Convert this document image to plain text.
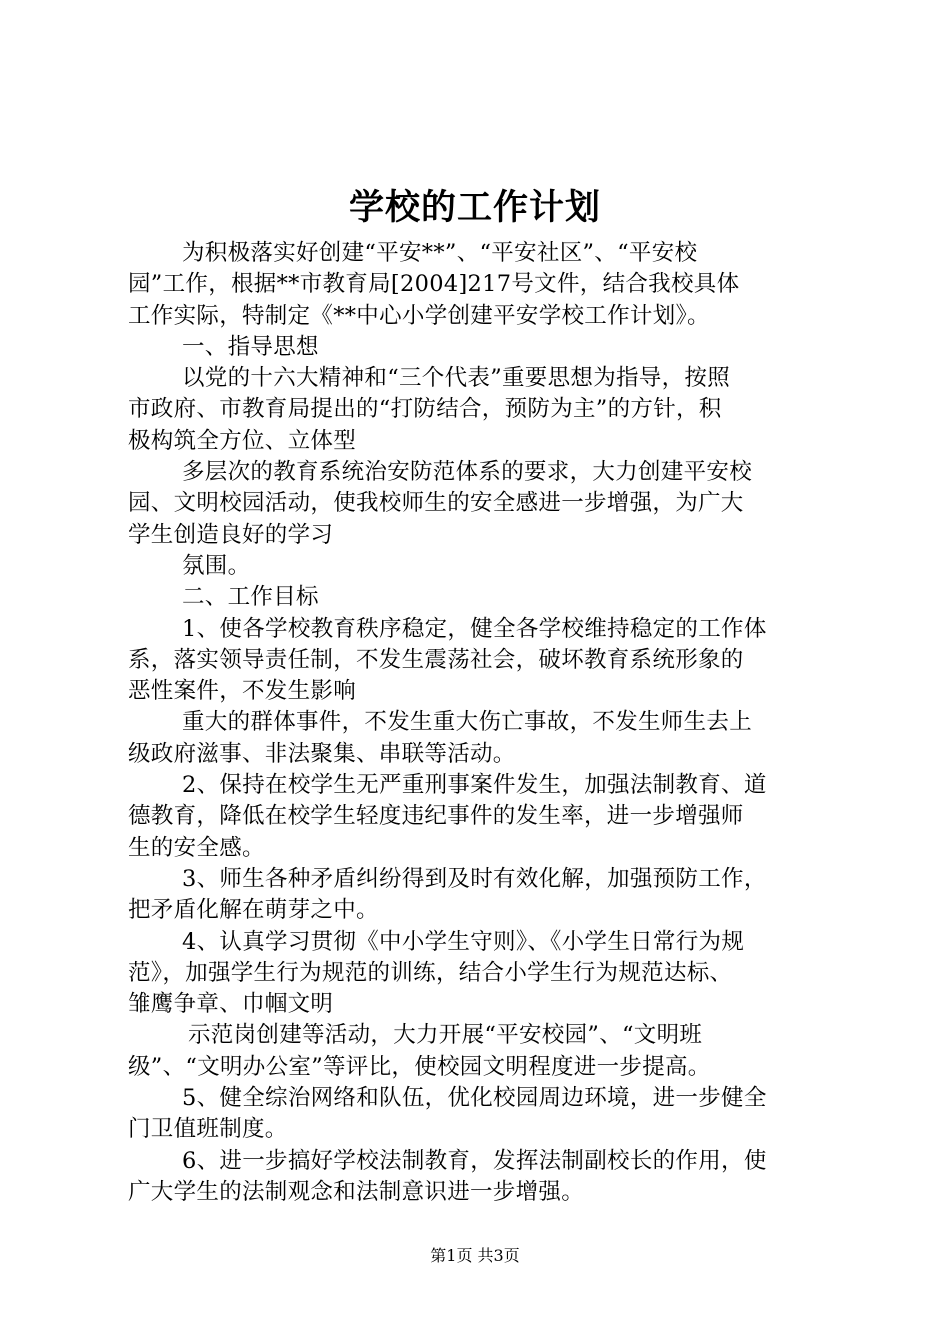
学校的工作计划
为积极落实好创建“平安**”、“平安社区”、“平安校
园”工作，根据**市教育局[2004]217号文件，结合我校具体
工作实际，特制定《**中心小学创建平安学校工作计划》。
一、指导思想
以党的十六大精神和“三个代表”重要思想为指导，按照
市政府、市教育局提出的“打防结合，预防为主”的方针，积
极构筑全方位、立体型
多层次的教育系统治安防范体系的要求，大力创建平安校
园、文明校园活动，使我校师生的安全感进一步增强，为广大
学生创造良好的学习
氛围。
二、工作目标
1、使各学校教育秩序稳定，健全各学校维持稳定的工作体
系，落实领导责任制，不发生震荡社会，破坏教育系统形象的
恶性案件，不发生影响
重大的群体事件，不发生重大伤亡事故，不发生师生去上
级政府滋事、非法聚集、串联等活动。
2、保持在校学生无严重刑事案件发生，加强法制教育、道
德教育，降低在校学生轻度违纪事件的发生率，进一步增强师
生的安全感。
3、师生各种矛盾纠纷得到及时有效化解，加强预防工作，
把矛盾化解在萌芽之中。
4、认真学习贯彻《中小学生守则》、《小学生日常行为规
范》，加强学生行为规范的训练，结合小学生行为规范达标、
雏鹰争章、巾帼文明
示范岗创建等活动，大力开展“平安校园”、“文明班
级”、“文明办公室”等评比，使校园文明程度进一步提高。
5、健全综治网络和队伍，优化校园周边环境，进一步健全
门卫值班制度。
6、进一步搞好学校法制教育，发挥法制副校长的作用，使
广大学生的法制观念和法制意识进一步增强。
第1页 共3页
